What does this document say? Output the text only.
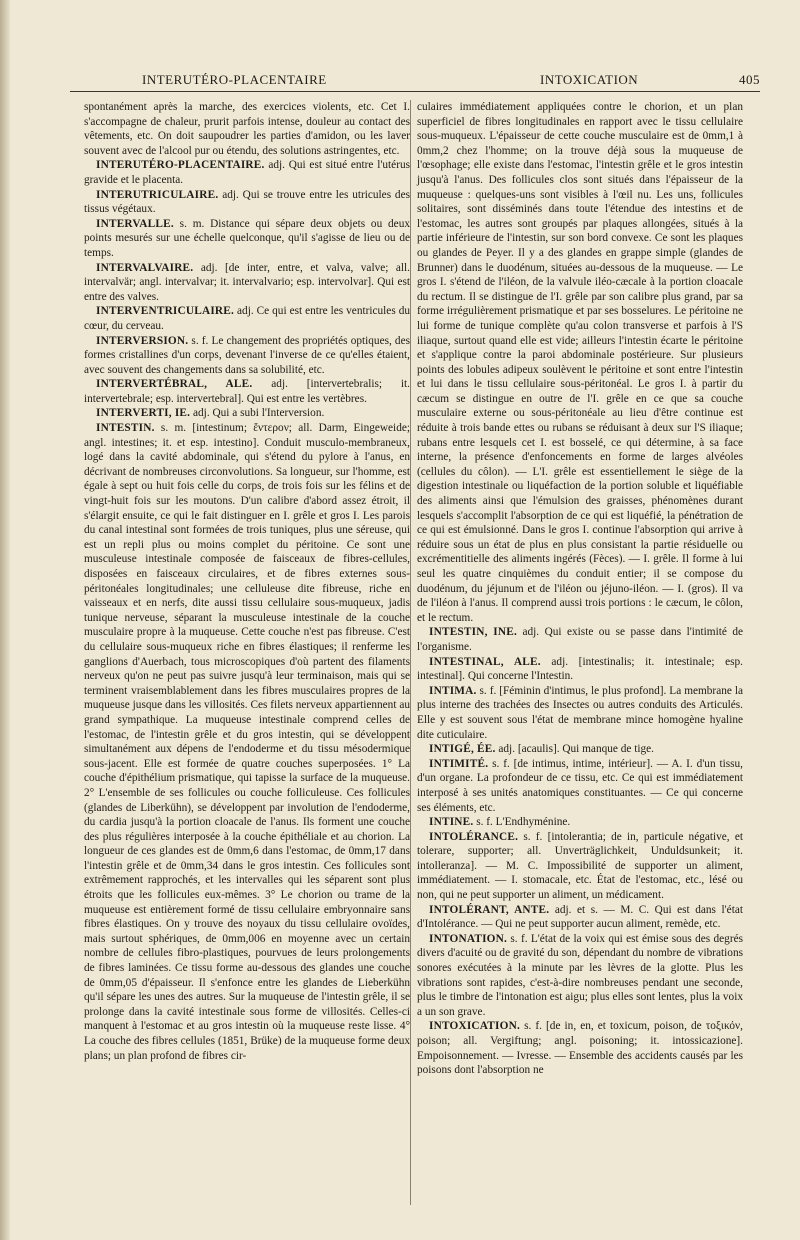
INTERUTÉRO-PLACENTAIRE	INTOXICATION	405

spontanément après la marche, des exercices violents, etc. Cet I. s'accompagne de chaleur, prurit parfois intense, douleur au contact des vêtements, etc. On doit saupoudrer les parties d'amidon, ou les laver souvent avec de l'alcool pur ou étendu, des solutions astringentes, etc.

INTERUTÉRO-PLACENTAIRE. adj. Qui est situé entre l'utérus gravide et le placenta.

INTERUTRICULAIRE. adj. Qui se trouve entre les utricules des tissus végétaux.

INTERVALLE. s. m. Distance qui sépare deux objets ou deux points mesurés sur une échelle quelconque, qu'il s'agisse de lieu ou de temps.

INTERVALVAIRE. adj. [de inter, entre, et valva, valve; all. intervalvär; angl. intervalvar; it. intervalvario; esp. intervolvar]. Qui est entre des valves.

INTERVENTRICULAIRE. adj. Ce qui est entre les ventricules du cœur, du cerveau.

INTERVERSION. s. f. Le changement des propriétés optiques, des formes cristallines d'un corps, devenant l'inverse de ce qu'elles étaient, avec souvent des changements dans sa solubilité, etc.

INTERVERTÉBRAL, ALE. adj. [intervertebralis; it. intervertebrale; esp. intervertebral]. Qui est entre les vertèbres.

INTERVERTI, IE. adj. Qui a subi l'Interversion.

INTESTIN. s. m. [intestinum; ἔντερον; all. Darm, Eingeweide; angl. intestines; it. et esp. intestino]. Conduit musculo-membraneux, logé dans la cavité abdominale, qui s'étend du pylore à l'anus, en décrivant de nombreuses circonvolutions. Sa longueur, sur l'homme, est égale à sept ou huit fois celle du corps, de trois fois sur les félins et de vingt-huit fois sur les moutons. D'un calibre d'abord assez étroit, il s'élargit ensuite, ce qui le fait distinguer en I. grêle et gros I. Les parois du canal intestinal sont formées de trois tuniques, plus une séreuse, qui est un repli plus ou moins complet du péritoine. Ce sont une musculeuse intestinale composée de faisceaux de fibres-cellules, disposées en faisceaux circulaires, et de fibres externes sous-péritonéales longitudinales; une celluleuse dite fibreuse, riche en vaisseaux et en nerfs, dite aussi tissu cellulaire sous-muqueux, jadis tunique nerveuse, séparant la musculeuse intestinale de la couche musculaire propre à la muqueuse. Cette couche n'est pas fibreuse. C'est du cellulaire sous-muqueux riche en fibres élastiques; il renferme les ganglions d'Auerbach, tous microscopiques d'où partent des filaments nerveux qu'on ne peut pas suivre jusqu'à leur terminaison, mais qui se terminent vraisemblablement dans les fibres musculaires propres de la muqueuse jusque dans les villosités. Ces filets nerveux appartiennent au grand sympathique. La muqueuse intestinale comprend celles de l'estomac, de l'intestin grêle et du gros intestin, qui se développent simultanément aux dépens de l'endoderme et du tissu mésodermique sous-jacent. Elle est formée de quatre couches superposées. 1° La couche d'épithélium prismatique, qui tapisse la surface de la muqueuse. 2° L'ensemble de ses follicules ou couche folliculeuse. Ces follicules (glandes de Liberkühn), se développent par involution de l'endoderme, du cardia jusqu'à la portion cloacale de l'anus. Ils forment une couche des plus régulières interposée à la couche épithéliale et au chorion. La longueur de ces glandes est de 0mm,6 dans l'estomac, de 0mm,17 dans l'intestin grêle et de 0mm,34 dans le gros intestin. Ces follicules sont extrêmement rapprochés, et les intervalles qui les séparent sont plus étroits que les follicules eux-mêmes. 3° Le chorion ou trame de la muqueuse est entièrement formé de tissu cellulaire embryonnaire sans fibres élastiques. On y trouve des noyaux du tissu cellulaire ovoïdes, mais surtout sphériques, de 0mm,006 en moyenne avec un certain nombre de cellules fibro-plastiques, pourvues de leurs prolongements de fibres laminées. Ce tissu forme au-dessous des glandes une couche de 0mm,05 d'épaisseur. Il s'enfonce entre les glandes de Lieberkühn qu'il sépare les unes des autres. Sur la muqueuse de l'intestin grêle, il se prolonge dans la cavité intestinale sous forme de villosités. Celles-ci manquent à l'estomac et au gros intestin où la muqueuse reste lisse. 4° La couche des fibres cellules (1851, Brüke) de la muqueuse forme deux plans; un plan profond de fibres cir-

culaires immédiatement appliquées contre le chorion, et un plan superficiel de fibres longitudinales en rapport avec le tissu cellulaire sous-muqueux. L'épaisseur de cette couche musculaire est de 0mm,1 à 0mm,2 chez l'homme; on la trouve déjà sous la muqueuse de l'œsophage; elle existe dans l'estomac, l'intestin grêle et le gros intestin jusqu'à l'anus. Des follicules clos sont situés dans l'épaisseur de la muqueuse : quelques-uns sont visibles à l'œil nu. Les uns, follicules solitaires, sont disséminés dans toute l'étendue des intestins et de l'estomac, les autres sont groupés par plaques allongées, situés à la partie inférieure de l'intestin, sur son bord convexe. Ce sont les plaques ou glandes de Peyer. Il y a des glandes en grappe simple (glandes de Brunner) dans le duodénum, situées au-dessous de la muqueuse. — Le gros I. s'étend de l'iléon, de la valvule iléo-cæcale à la portion cloacale du rectum. Il se distingue de l'I. grêle par son calibre plus grand, par sa forme irrégulièrement prismatique et par ses bosselures. Le péritoine ne lui forme de tunique complète qu'au colon transverse et parfois à l'S iliaque, surtout quand elle est vide; ailleurs l'intestin écarte le péritoine et s'applique contre la paroi abdominale postérieure. Sur plusieurs points des lobules adipeux soulèvent le péritoine et sont entre l'intestin et lui dans le tissu cellulaire sous-péritonéal. Le gros I. à partir du cæcum se distingue en outre de l'I. grêle en ce que sa couche musculaire externe ou sous-péritonéale au lieu d'être continue est réduite à trois bande ettes ou rubans se réduisant à deux sur l'S iliaque; rubans entre lesquels cet I. est bosselé, ce qui détermine, à sa face interne, la présence d'enfoncements en forme de larges alvéoles (cellules du côlon). — L'I. grêle est essentiellement le siège de la digestion intestinale ou liquéfaction de la portion soluble et liquéfiable des aliments ainsi que l'émulsion des graisses, phénomènes durant lesquels s'accomplit l'absorption de ce qui est liquéfié, la pénétration de ce qui est émulsionné. Dans le gros I. continue l'absorption qui arrive à réduire sous un état de plus en plus consistant la partie résiduelle ou excrémentitielle des aliments ingérés (Fèces). — I. grêle. Il forme à lui seul les quatre cinquièmes du conduit entier; il se compose du duodénum, du jéjunum et de l'iléon ou jéjuno-iléon. — I. (gros). Il va de l'iléon à l'anus. Il comprend aussi trois portions : le cæcum, le côlon, et le rectum.

INTESTIN, INE. adj. Qui existe ou se passe dans l'intimité de l'organisme.

INTESTINAL, ALE. adj. [intestinalis; it. intestinale; esp. intestinal]. Qui concerne l'Intestin.

INTIMA. s. f. [Féminin d'intimus, le plus profond]. La membrane la plus interne des trachées des Insectes ou autres conduits des Articulés. Elle y est souvent sous l'état de membrane mince homogène hyaline dite cuticulaire.

INTIGÉ, ÉE. adj. [acaulis]. Qui manque de tige.

INTIMITÉ. s. f. [de intimus, intime, intérieur]. — A. I. d'un tissu, d'un organe. La profondeur de ce tissu, etc. Ce qui est immédiatement interposé à ses unités anatomiques constituantes. — Ce qui concerne ses éléments, etc.

INTINE. s. f. L'Endhyménine.

INTOLÉRANCE. s. f. [intolerantia; de in, particule négative, et tolerare, supporter; all. Unverträglichkeit, Unduldsunkeit; it. intolleranza]. — M. C. Impossibilité de supporter un aliment, immédiatement. — I. stomacale, etc. État de l'estomac, etc., lésé ou non, qui ne peut supporter un aliment, un médicament.

INTOLÉRANT, ANTE. adj. et s. — M. C. Qui est dans l'état d'Intolérance. — Qui ne peut supporter aucun aliment, remède, etc.

INTONATION. s. f. L'état de la voix qui est émise sous des degrés divers d'acuité ou de gravité du son, dépendant du nombre de vibrations sonores exécutées à la minute par les lèvres de la glotte. Plus les vibrations sont rapides, c'est-à-dire nombreuses pendant une seconde, plus le timbre de l'intonation est aigu; plus elles sont lentes, plus la voix a un son grave.

INTOXICATION. s. f. [de in, en, et toxicum, poison, de τοξικόν, poison; all. Vergiftung; angl. poisoning; it. intossicazione]. Empoisonnement. — Ivresse. — Ensemble des accidents causés par les poisons dont l'absorption ne
